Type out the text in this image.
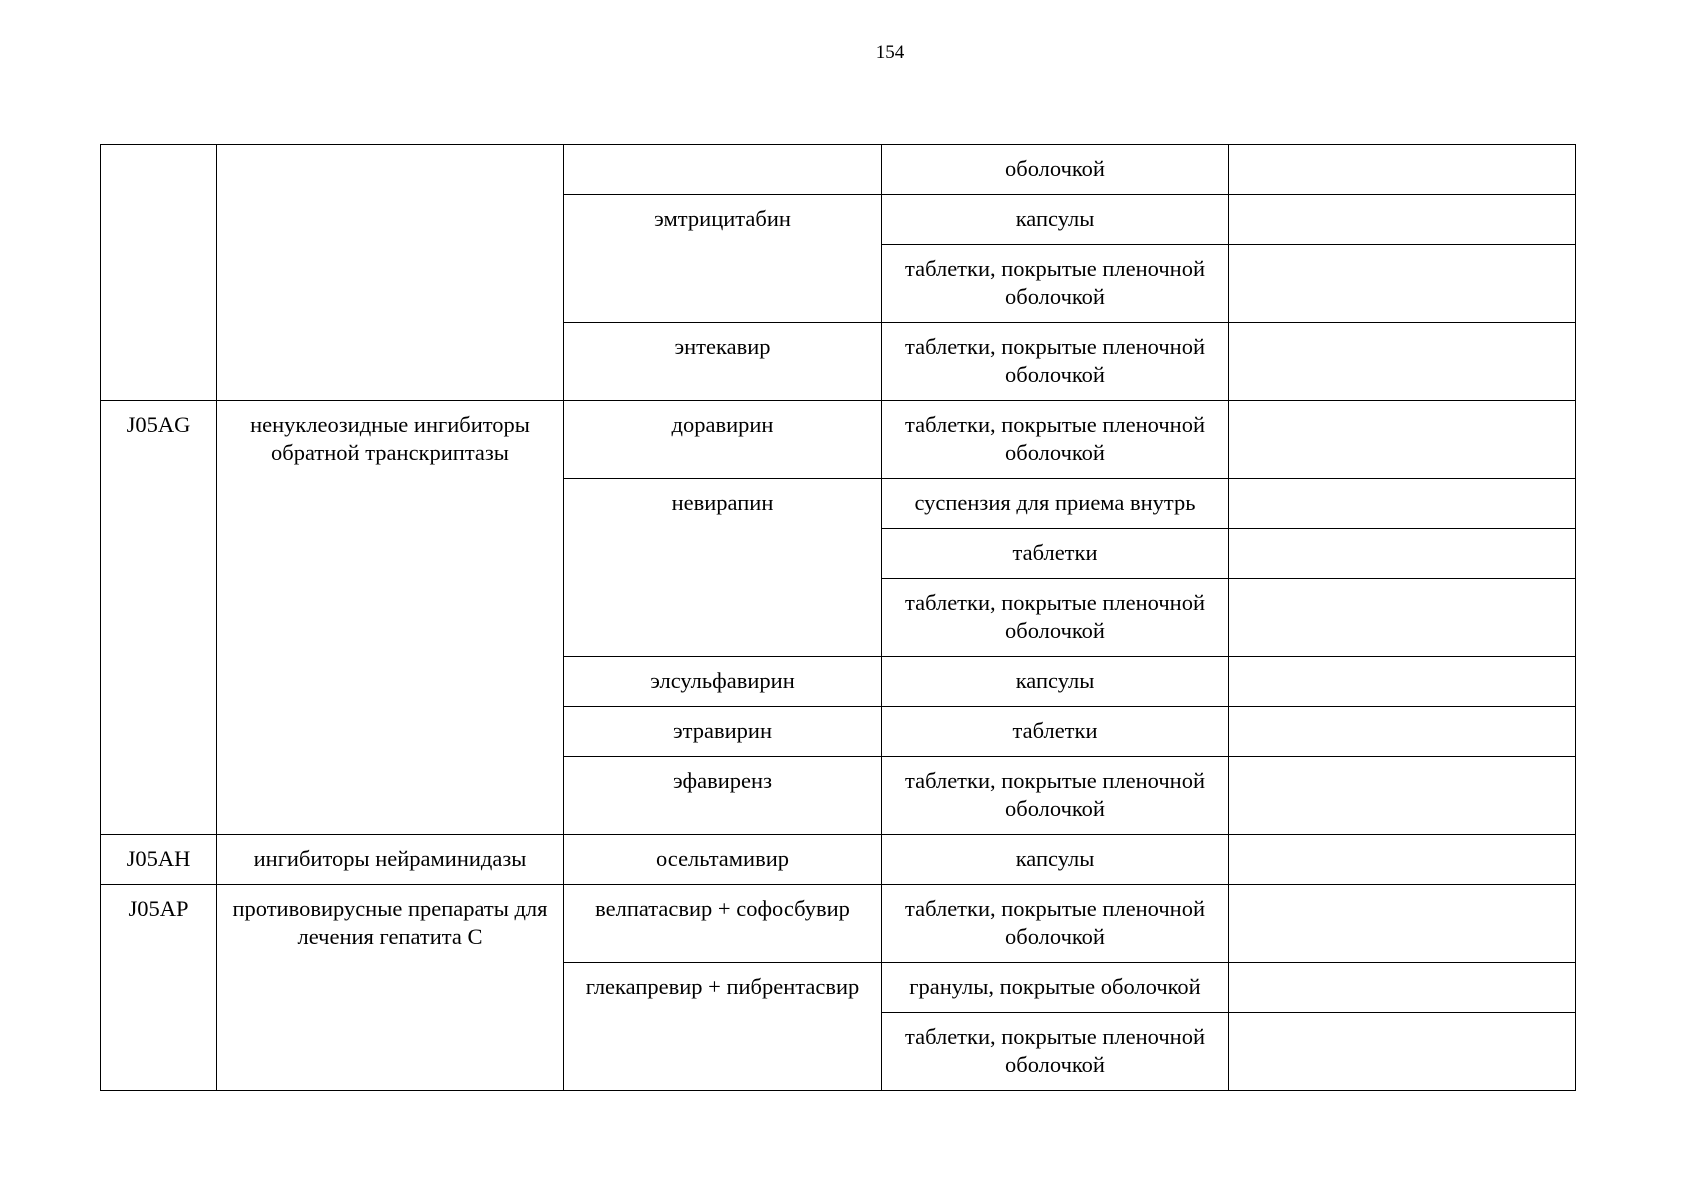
154
			оболочкой	
		эмтрицитабин	капсулы	
			таблетки, покрытые пленочной оболочкой	
		энтекавир	таблетки, покрытые пленочной оболочкой	
J05AG	ненуклеозидные ингибиторы обратной транскриптазы	доравирин	таблетки, покрытые пленочной оболочкой	
		невирапин	суспензия для приема внутрь	
			таблетки	
			таблетки, покрытые пленочной оболочкой	
		элсульфавирин	капсулы	
		этравирин	таблетки	
		эфавиренз	таблетки, покрытые пленочной оболочкой	
J05AH	ингибиторы нейраминидазы	осельтамивир	капсулы	
J05AP	противовирусные препараты для лечения гепатита С	велпатасвир + софосбувир	таблетки, покрытые пленочной оболочкой	
		глекапревир + пибрентасвир	гранулы, покрытые оболочкой	
			таблетки, покрытые пленочной оболочкой	
